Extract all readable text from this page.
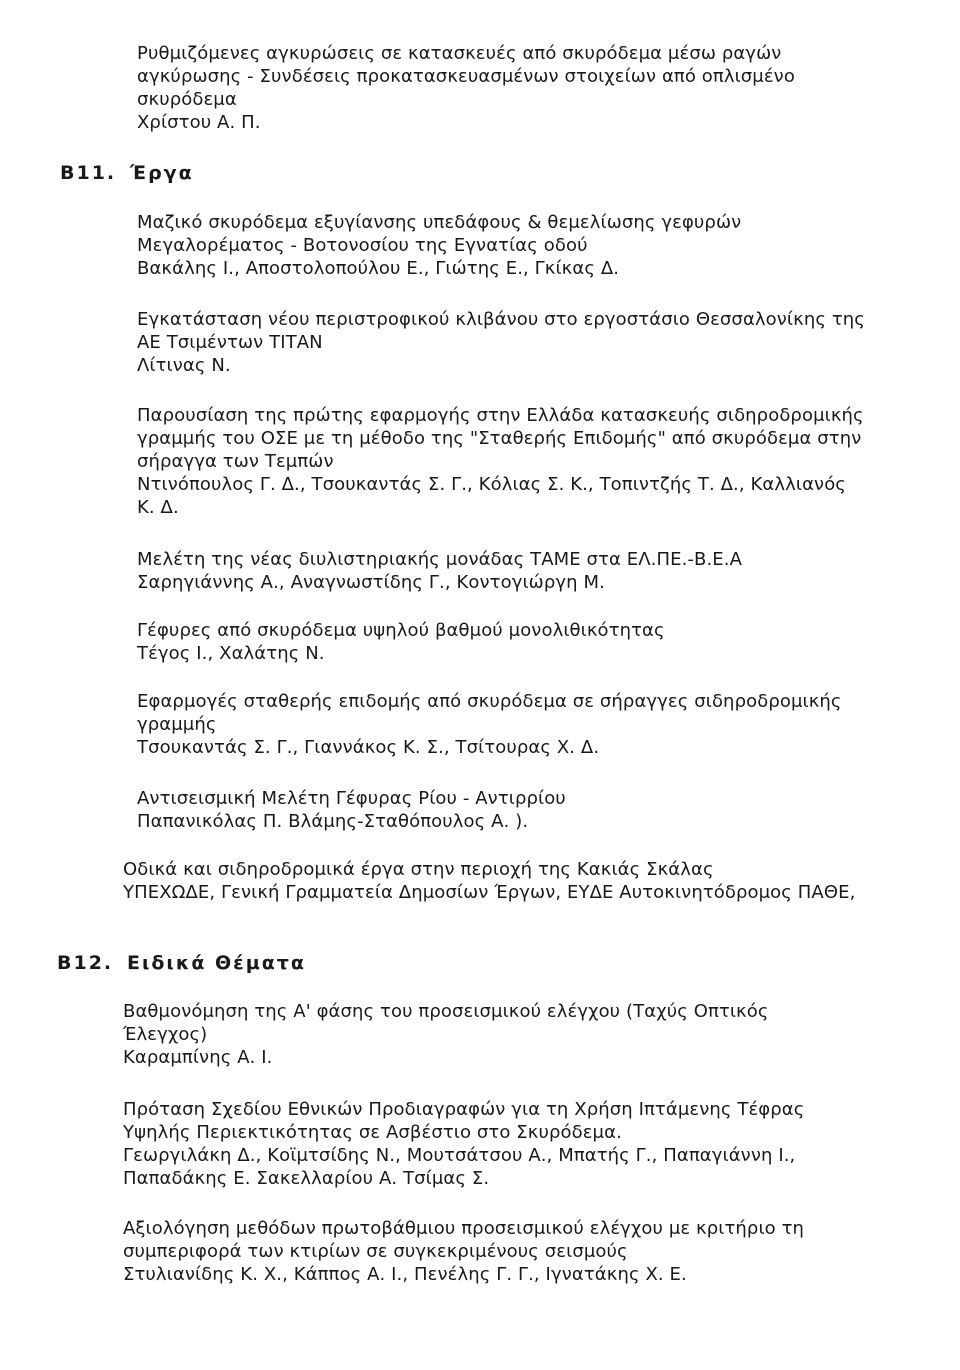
Ρυθμιζόμενες αγκυρώσεις σε κατασκευές από σκυρόδεμα μέσω ραγών
αγκύρωσης - Συνδέσεις προκατασκευασμένων στοιχείων από οπλισμένο
σκυρόδεμα
Χρίστου Α. Π.
Β11. Έργα
Μαζικό σκυρόδεμα εξυγίανσης υπεδάφους & θεμελίωσης γεφυρών
Μεγαλορέματος - Βοτονοσίου της Εγνατίας οδού
Βακάλης Ι., Αποστολοπούλου Ε., Γιώτης Ε., Γκίκας Δ.
Εγκατάσταση νέου περιστροφικού κλιβάνου στο εργοστάσιο Θεσσαλονίκης της
ΑΕ Τσιμέντων ΤΙΤΑΝ
Λίτινας Ν.
Παρουσίαση της πρώτης εφαρμογής στην Ελλάδα κατασκευής σιδηροδρομικής
γραμμής του ΟΣΕ με τη μέθοδο της "Σταθερής Επιδομής" από σκυρόδεμα στην
σήραγγα των Τεμπών
Ντινόπουλος Γ. Δ., Τσουκαντάς Σ. Γ., Κόλιας Σ. Κ., Τοπιντζής Τ. Δ., Καλλιανός
Κ. Δ.
Μελέτη της νέας διυλιστηριακής μονάδας ΤΑΜΕ στα ΕΛ.ΠΕ.-Β.Ε.Α
Σαρηγιάννης Α., Αναγνωστίδης Γ., Κοντογιώργη Μ.
Γέφυρες από σκυρόδεμα υψηλού βαθμού μονολιθικότητας
Τέγος Ι., Χαλάτης Ν.
Εφαρμογές σταθερής επιδομής από σκυρόδεμα σε σήραγγες σιδηροδρομικής
γραμμής
Τσουκαντάς Σ. Γ., Γιαννάκος Κ. Σ., Τσίτουρας Χ. Δ.
Αντισεισμική Μελέτη Γέφυρας Ρίου - Αντιρρίου
Παπανικόλας Π. Βλάμης-Σταθόπουλος Α. ).
Οδικά και σιδηροδρομικά έργα στην περιοχή της Κακιάς Σκάλας
ΥΠΕΧΩΔΕ, Γενική Γραμματεία Δημοσίων Έργων, ΕΥΔΕ Αυτοκινητόδρομος ΠΑΘΕ,
Β12. Ειδικά Θέματα
Βαθμονόμηση της Α' φάσης του προσεισμικού ελέγχου (Ταχύς Οπτικός
Έλεγχος)
Καραμπίνης Α. Ι.
Πρόταση Σχεδίου Εθνικών Προδιαγραφών για τη Χρήση Ιπτάμενης Τέφρας
Υψηλής Περιεκτικότητας σε Ασβέστιο στο Σκυρόδεμα.
Γεωργιλάκη Δ., Κοϊμτσίδης Ν., Μουτσάτσου Α., Μπατής Γ., Παπαγιάννη Ι.,
Παπαδάκης Ε. Σακελλαρίου Α. Τσίμας Σ.
Αξιολόγηση μεθόδων πρωτοβάθμιου προσεισμικού ελέγχου με κριτήριο τη
συμπεριφορά των κτιρίων σε συγκεκριμένους σεισμούς
Στυλιανίδης Κ. Χ., Κάππος Α. Ι., Πενέλης Γ. Γ., Ιγνατάκης Χ. Ε.
